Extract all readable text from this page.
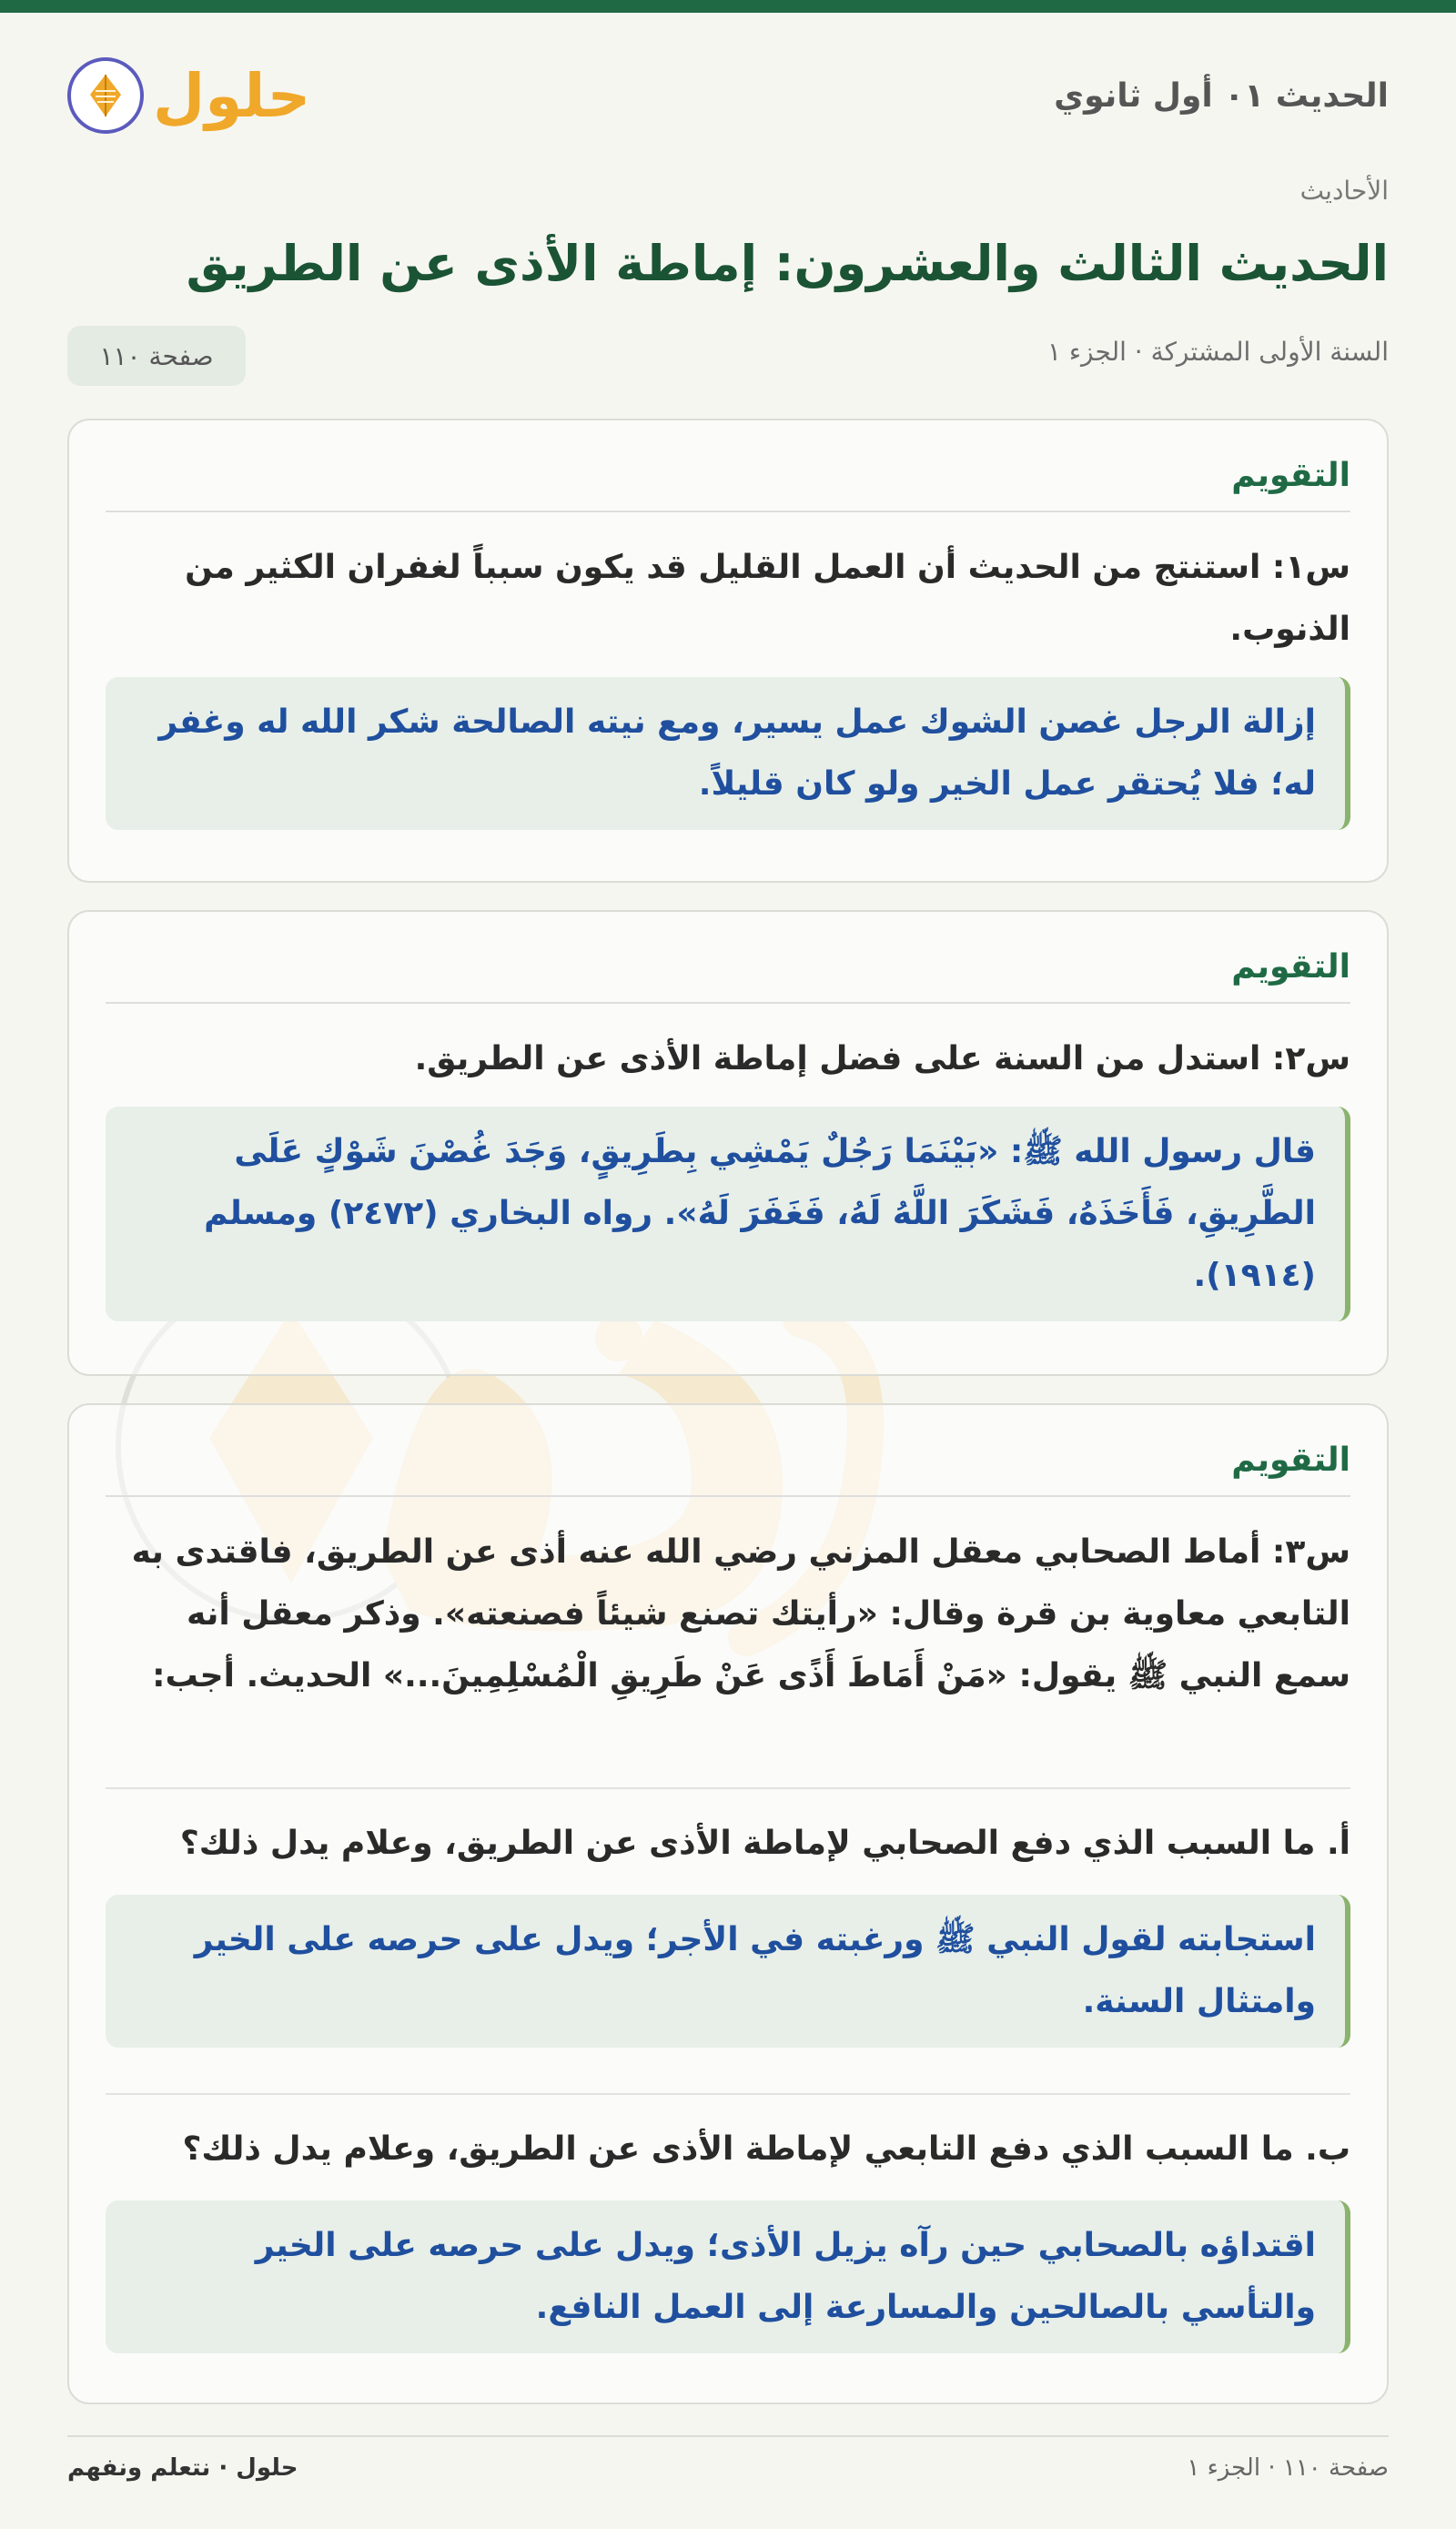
الحديث ٠١ أول ثانوي
حلول
الأحاديث
الحديث الثالث والعشرون: إماطة الأذى عن الطريق
السنة الأولى المشتركة · الجزء ١
صفحة ١١٠
التقويم
س١: استنتج من الحديث أن العمل القليل قد يكون سبباً لغفران الكثير من الذنوب.
إزالة الرجل غصن الشوك عمل يسير، ومع نيته الصالحة شكر الله له وغفر له؛ فلا يُحتقر عمل الخير ولو كان قليلاً.
التقويم
س٢: استدل من السنة على فضل إماطة الأذى عن الطريق.
قال رسول الله ﷺ: «بَيْنَمَا رَجُلٌ يَمْشِي بِطَرِيقٍ، وَجَدَ غُصْنَ شَوْكٍ عَلَى الطَّرِيقِ، فَأَخَذَهُ، فَشَكَرَ اللَّهُ لَهُ، فَغَفَرَ لَهُ». رواه البخاري (٢٤٧٢) ومسلم (١٩١٤).
التقويم
س٣: أماط الصحابي معقل المزني رضي الله عنه أذى عن الطريق، فاقتدى به التابعي معاوية بن قرة وقال: «رأيتك تصنع شيئاً فصنعته». وذكر معقل أنه سمع النبي ﷺ يقول: «مَنْ أَمَاطَ أَذًى عَنْ طَرِيقِ الْمُسْلِمِينَ...» الحديث. أجب:
أ. ما السبب الذي دفع الصحابي لإماطة الأذى عن الطريق، وعلام يدل ذلك؟
استجابته لقول النبي ﷺ ورغبته في الأجر؛ ويدل على حرصه على الخير وامتثال السنة.
ب. ما السبب الذي دفع التابعي لإماطة الأذى عن الطريق، وعلام يدل ذلك؟
اقتداؤه بالصحابي حين رآه يزيل الأذى؛ ويدل على حرصه على الخير والتأسي بالصالحين والمسارعة إلى العمل النافع.
صفحة ١١٠ · الجزء ١
حلول · نتعلم ونفهم
